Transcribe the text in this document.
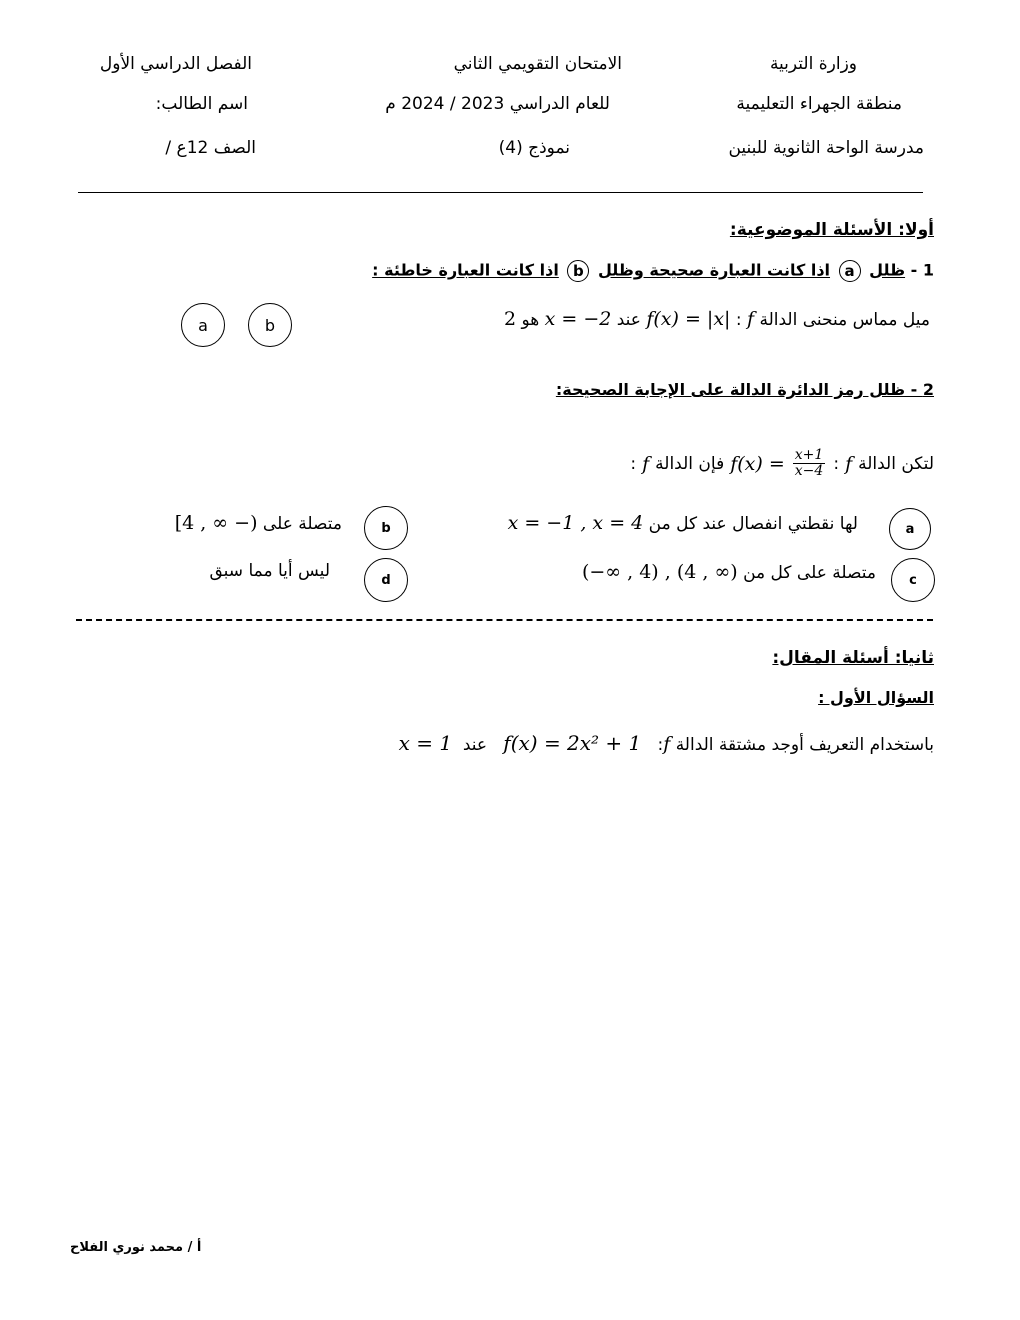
وزارة التربية
منطقة الجهراء التعليمية
مدرسة الواحة الثانوية للبنين
الامتحان التقويمي الثاني
للعام الدراسي 2023 / 2024 م
نموذج (4)
الفصل الدراسي الأول
اسم الطالب:
الصف 12ع /
أولا: الأسئلة الموضوعية:
1 - ظلل a اذا كانت العبارة صحيحة وظلل b اذا كانت العبارة خاطئة :
ميل مماس منحنى الدالة f : f(x) = |x| عند x = −2 هو 2
a	b
2 - ظلل رمز الدائرة الدالة على الإجابة الصحيحة:
لتكن الدالة
f
:
$f(x) = \frac{x+1}{x-4}$
فإن الدالة
f
:
a
لها نقطتي انفصال عند كل من x = −1 , x = 4
b
متصلة على [4 , ∞ −)
c
متصلة على كل من (−∞ , 4) , (4 , ∞)
d
ليس أيا مما سبق
ثانيا: أسئلة المقال:
السؤال الأول :
باستخدام التعريف أوجد مشتقة الدالة f:   f(x) = 2x² + 1   عند  x = 1
أ / محمد نوري الفلاح
